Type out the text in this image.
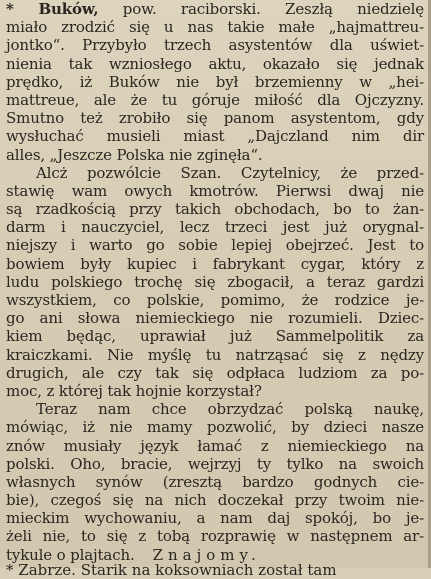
* Buków, pow. raciborski. Zeszłą niedzielę
miało zrodzić się u nas takie małe „hajmattreu-
jontko“. Przybyło trzech asystentów dla uświet-
nienia tak wzniosłego aktu, okazało się jednak
prędko, iż Buków nie był brzemienny w „hei-
mattreue, ale że tu góruje miłość dla Ojczyzny.
Smutno też zrobiło się panom asystentom, gdy
wysłuchać musieli miast „Dajczland nim dir
alles, „Jeszcze Polska nie zginęła“.
Alcż pozwólcie Szan. Czytelnicy, że przed-
stawię wam owych kmotrów. Pierwsi dwaj nie
są rzadkością przy takich obchodach, bo to żan-
darm i nauczyciel, lecz trzeci jest już orygnal-
niejszy i warto go sobie lepiej obejrzeć. Jest to
bowiem były kupiec i fabrykant cygar, który z
ludu polskiego trochę się zbogacił, a teraz gardzi
wszystkiem, co polskie, pomimo, że rodzice je-
go ani słowa niemieckiego nie rozumieli. Dziec-
kiem będąc, uprawiał już Sammelpolitik za
kraiczkami. Nie myślę tu natrząsać się z nędzy
drugich, ale czy tak się odpłaca ludziom za po-
moc, z której tak hojnie korzystał?
Teraz nam chce obrzydzać polską naukę,
mówiąc, iż nie mamy pozwolić, by dzieci nasze
znów musiały język łamać z niemieckiego na
polski. Oho, bracie, wejrzyj ty tylko na swoich
własnych synów (zresztą bardzo godnych cie-
bie), czegoś się na nich doczekał przy twoim nie-
mieckim wychowaniu, a nam daj spokój, bo je-
żeli nie, to się z tobą rozprawię w następnem ar-
tykule o plajtach. Znajomy.
* Zabrze. Starik na koksowniach został tam
